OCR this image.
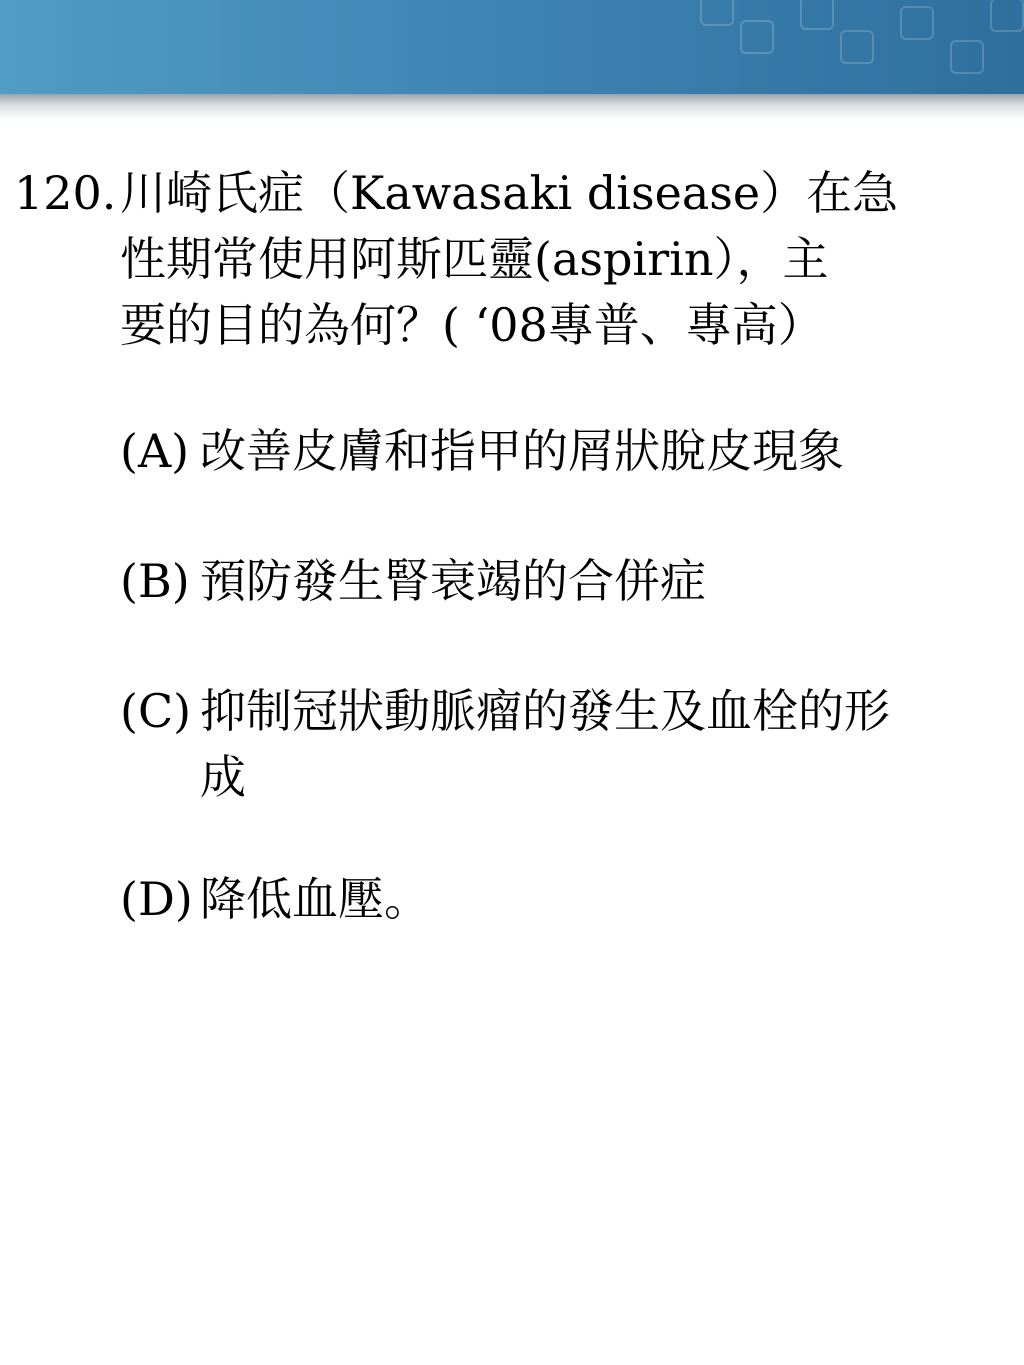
120. 川崎氏症（Kawasaki disease）在急
性期常使用阿斯匹靈(aspirin），主
要的目的為何？( ‘08專普、專高）
(A) 改善皮膚和指甲的屑狀脫皮現象
(B) 預防發生腎衰竭的合併症
(C) 抑制冠狀動脈瘤的發生及血栓的形
成
(D) 降低血壓。
